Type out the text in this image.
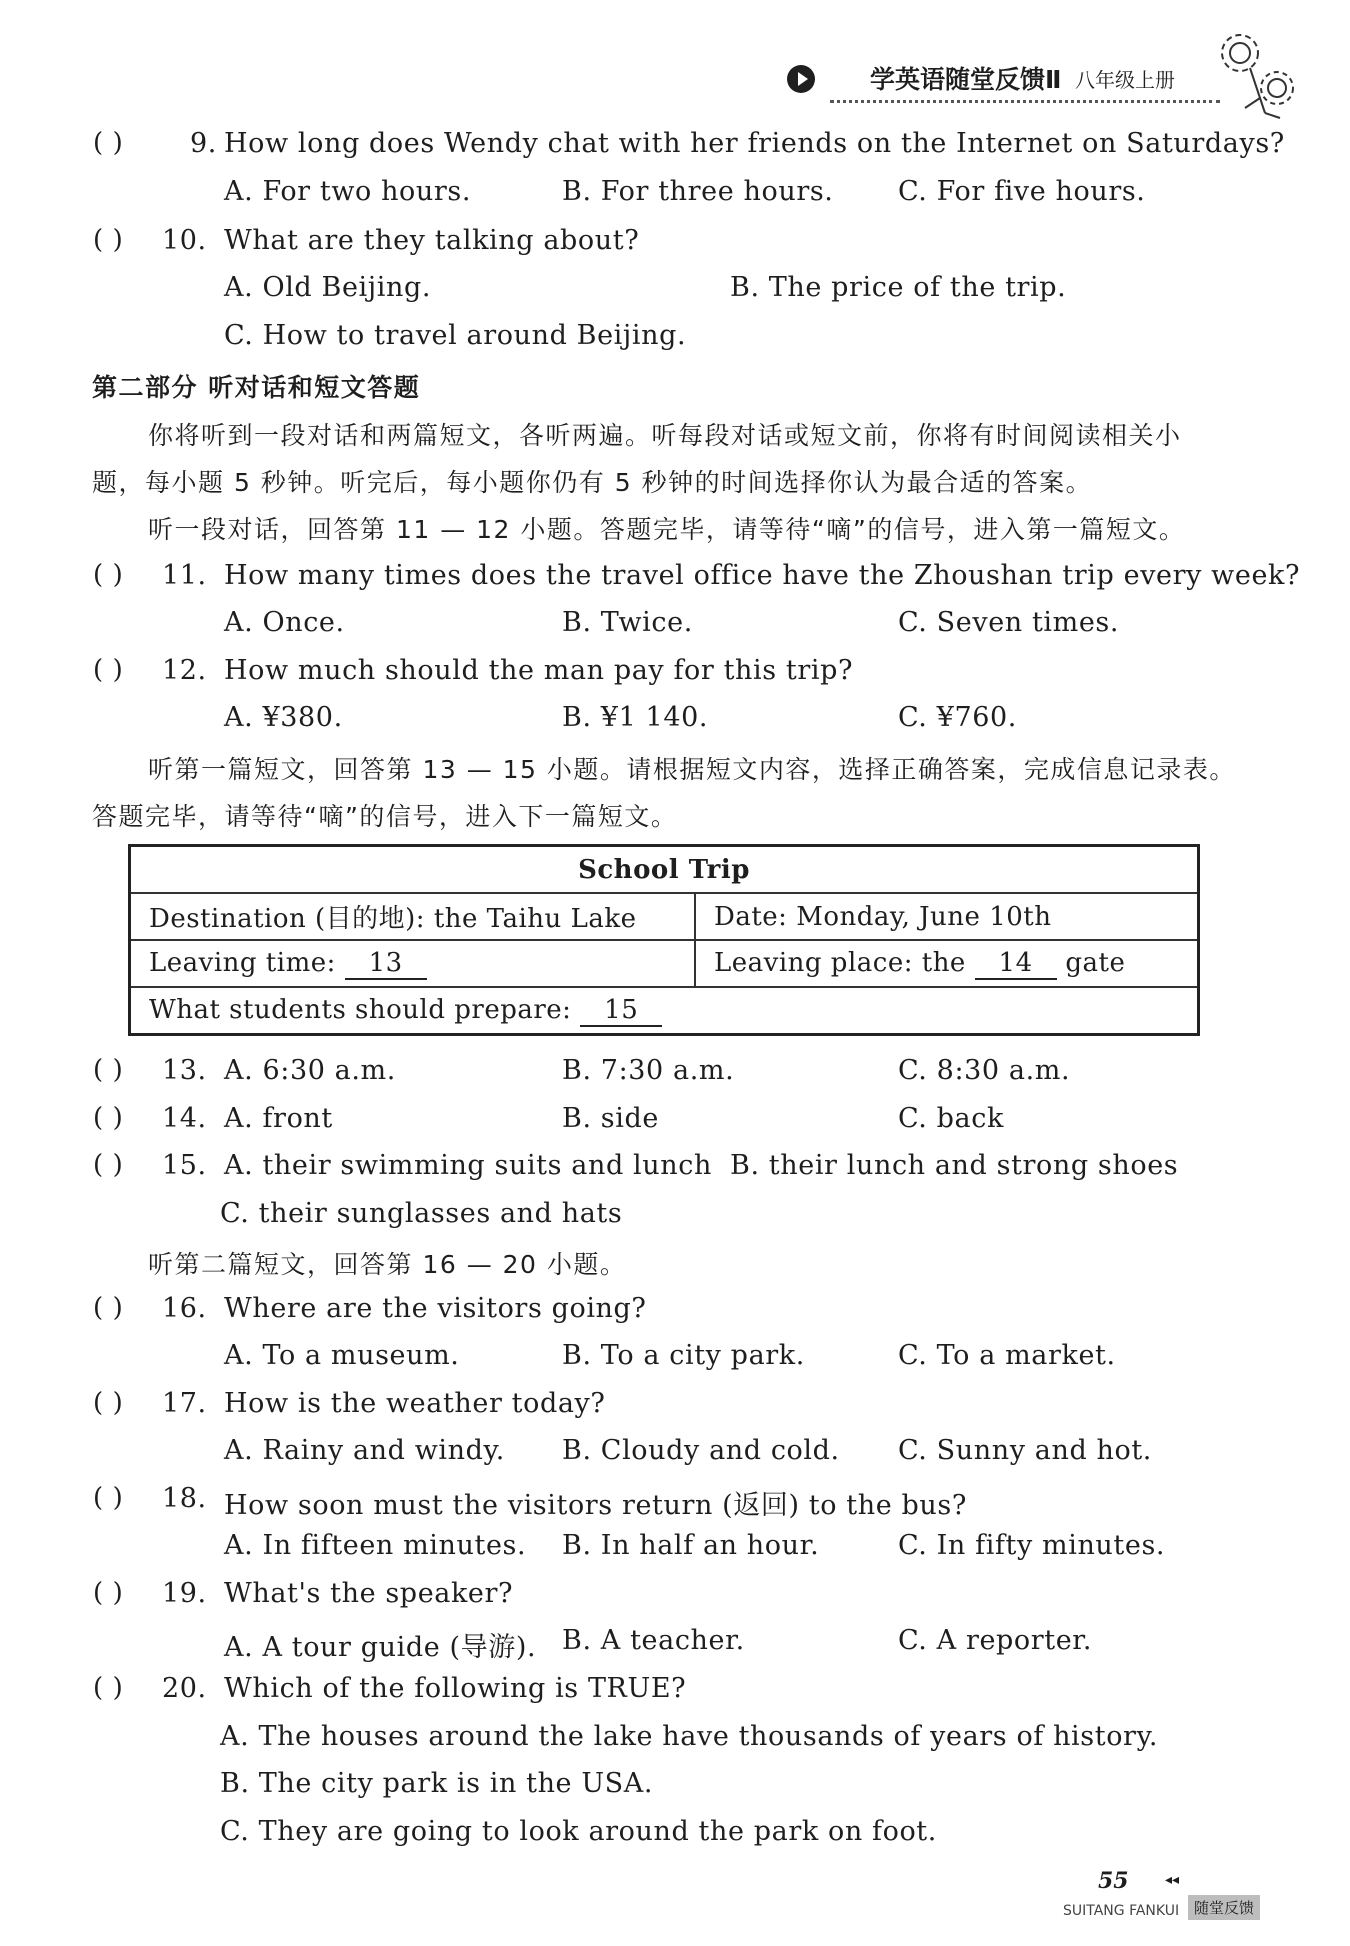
学英语随堂反馈Ⅱ 八年级上册
( ) 9. How long does Wendy chat with her friends on the Internet on Saturdays?
A. For two hours.	B. For three hours. C. For five hours.
( ) 10. What are they talking about?
A. Old Beijing.	B. The price of the trip.
C. How to travel around Beijing.
第二部分 听对话和短文答题
你将听到一段对话和两篇短文，各听两遍。听每段对话或短文前，你将有时间阅读相关小
题，每小题 5 秒钟。听完后，每小题你仍有 5 秒钟的时间选择你认为最合适的答案。
听一段对话，回答第 11 — 12 小题。答题完毕，请等待“嘀”的信号，进入第一篇短文。
( ) 11. How many times does the travel office have the Zhoushan trip every week?
A. Once.	B. Twice.	C. Seven times.
( ) 12. How much should the man pay for this trip?
A. ¥380.	B. ¥1 140.	C. ¥760.
听第一篇短文，回答第 13 — 15 小题。请根据短文内容，选择正确答案，完成信息记录表。
答题完毕，请等待“嘀”的信号，进入下一篇短文。
School Trip	
Destination (目的地): the Taihu Lake	Date: Monday, June 10th
Leaving time: 13	Leaving place: the 14 gate
What students should prepare: 15	
( ) 13. A. 6:30 a.m.	B. 7:30 a.m.	C. 8:30 a.m.
( ) 14. A. front	B. side	C. back
( ) 15. A. their swimming suits and lunch B. their lunch and strong shoes
C. their sunglasses and hats
听第二篇短文，回答第 16 — 20 小题。
( ) 16. Where are the visitors going?
A. To a museum.	B. To a city park.	C. To a market.
( ) 17. How is the weather today?
A. Rainy and windy. B. Cloudy and cold. C. Sunny and hot.
( ) 18. How soon must the visitors return (返回) to the bus?
A. In fifteen minutes. B. In half an hour.	C. In fifty minutes.
( ) 19. What's the speaker?
A. A tour guide (导游). B. A teacher.	C. A reporter.
( ) 20. Which of the following is TRUE?
A. The houses around the lake have thousands of years of history.
B. The city park is in the USA.
C. They are going to look around the park on foot.
55	◂◂
SUITANG FANKUI 随堂反馈
